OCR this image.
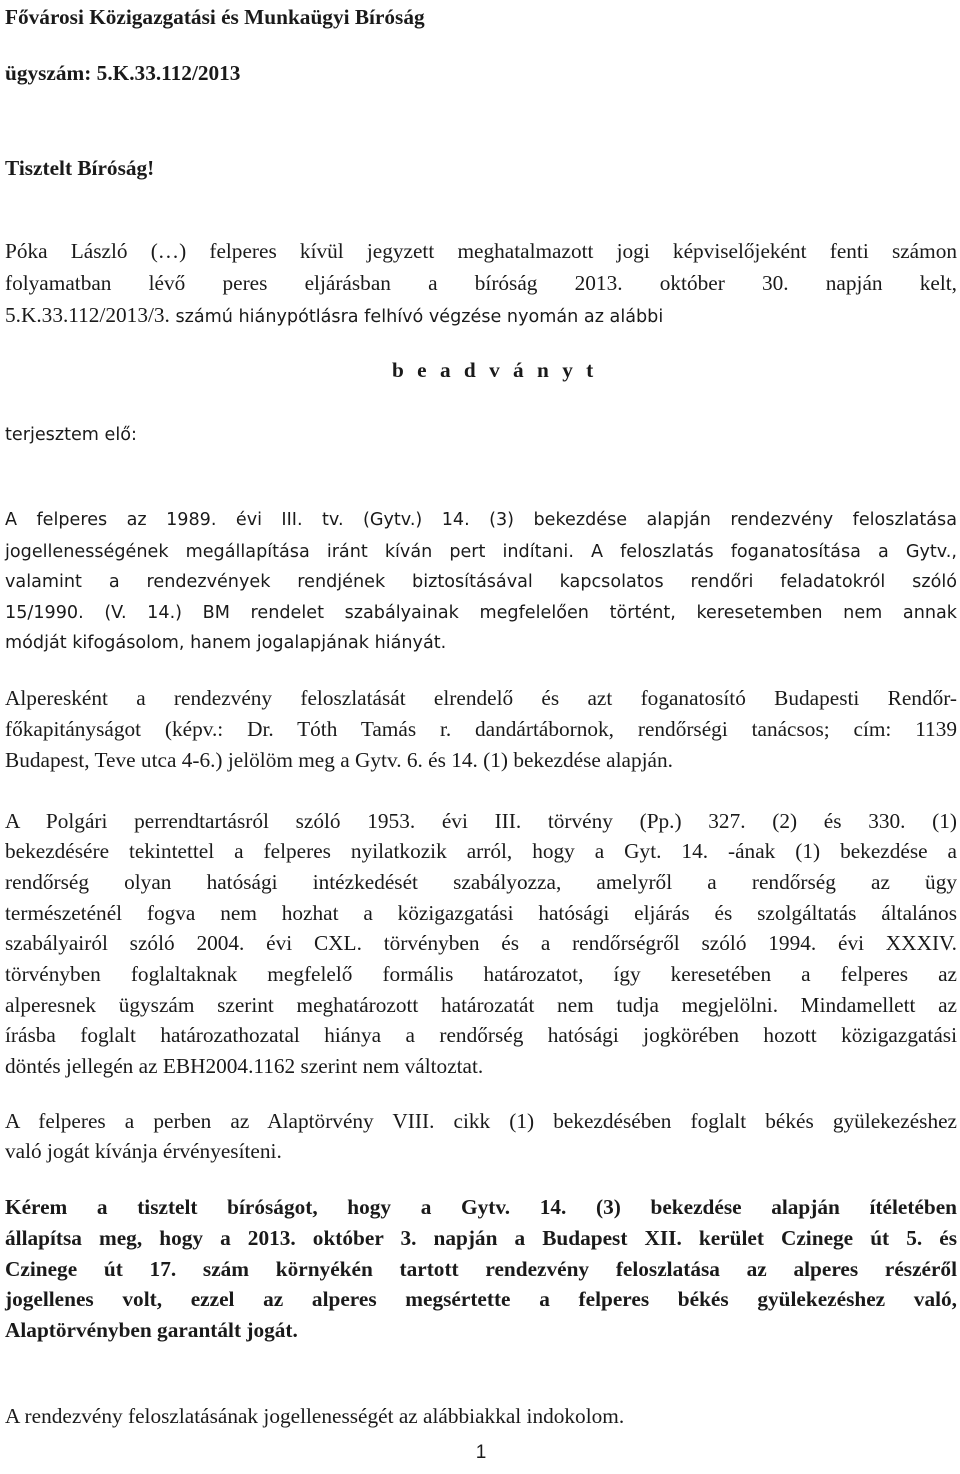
Fővárosi Közigazgatási és Munkaügyi Bíróság
ügyszám: 5.K.33.112/2013
Tisztelt Bíróság!
Póka László (…) felperes kívül jegyzett meghatalmazott jogi képviselőjeként fenti számon
folyamatban lévő peres eljárásban a bíróság 2013. október 30. napján kelt,
5.K.33.112/2013/3. számú hiánypótlásra felhívó végzése nyomán az alábbi
b e a d v á n y t
terjesztem elő:
A felperes az 1989. évi III. tv. (Gytv.) 14. (3) bekezdése alapján rendezvény feloszlatása
jogellenességének megállapítása iránt kíván pert indítani. A feloszlatás foganatosítása a Gytv.,
valamint a rendezvények rendjének biztosításával kapcsolatos rendőri feladatokról szóló
15/1990. (V. 14.) BM rendelet szabályainak megfelelően történt, keresetemben nem annak
módját kifogásolom, hanem jogalapjának hiányát.
Alperesként a rendezvény feloszlatását elrendelő és azt foganatosító Budapesti Rendőr-
főkapitányságot (képv.: Dr. Tóth Tamás r. dandártábornok, rendőrségi tanácsos; cím: 1139
Budapest, Teve utca 4-6.) jelölöm meg a Gytv. 6. és 14. (1) bekezdése alapján.
A Polgári perrendtartásról szóló 1953. évi III. törvény (Pp.) 327. (2) és 330. (1)
bekezdésére tekintettel a felperes nyilatkozik arról, hogy a Gyt. 14. -ának (1) bekezdése a
rendőrség olyan hatósági intézkedését szabályozza, amelyről a rendőrség az ügy
természeténél fogva nem hozhat a közigazgatási hatósági eljárás és szolgáltatás általános
szabályairól szóló 2004. évi CXL. törvényben és a rendőrségről szóló 1994. évi XXXIV.
törvényben foglaltaknak megfelelő formális határozatot, így keresetében a felperes az
alperesnek ügyszám szerint meghatározott határozatát nem tudja megjelölni. Mindamellett az
írásba foglalt határozathozatal hiánya a rendőrség hatósági jogkörében hozott közigazgatási
döntés jellegén az EBH2004.1162 szerint nem változtat.
A felperes a perben az Alaptörvény VIII. cikk (1) bekezdésében foglalt békés gyülekezéshez
való jogát kívánja érvényesíteni.
Kérem a tisztelt bíróságot, hogy a Gytv. 14. (3) bekezdése alapján ítéletében
állapítsa meg, hogy a 2013. október 3. napján a Budapest XII. kerület Czinege út 5. és
Czinege út 17. szám környékén tartott rendezvény feloszlatása az alperes részéről
jogellenes volt, ezzel az alperes megsértette a felperes békés gyülekezéshez való,
Alaptörvényben garantált jogát.
A rendezvény feloszlatásának jogellenességét az alábbiakkal indokolom.
1
